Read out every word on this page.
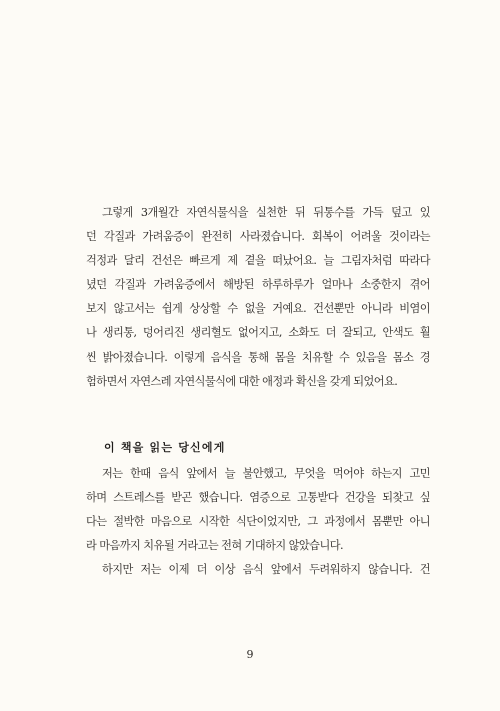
그렇게 3개월간 자연식물식을 실천한 뒤 뒤통수를 가득 덮고 있
던 각질과 가려움증이 완전히 사라졌습니다. 회복이 어려울 것이라는
걱정과 달리 건선은 빠르게 제 곁을 떠났어요. 늘 그림자처럼 따라다
녔던 각질과 가려움증에서 해방된 하루하루가 얼마나 소중한지 겪어
보지 않고서는 쉽게 상상할 수 없을 거예요. 건선뿐만 아니라 비염이
나 생리통, 덩어리진 생리혈도 없어지고, 소화도 더 잘되고, 안색도 훨
씬 밝아졌습니다. 이렇게 음식을 통해 몸을 치유할 수 있음을 몸소 경
험하면서 자연스레 자연식물식에 대한 애정과 확신을 갖게 되었어요.
이 책을 읽는 당신에게
저는 한때 음식 앞에서 늘 불안했고, 무엇을 먹어야 하는지 고민
하며 스트레스를 받곤 했습니다. 염증으로 고통받다 건강을 되찾고 싶
다는 절박한 마음으로 시작한 식단이었지만, 그 과정에서 몸뿐만 아니
라 마음까지 치유될 거라고는 전혀 기대하지 않았습니다.
하지만 저는 이제 더 이상 음식 앞에서 두려워하지 않습니다. 건
9
